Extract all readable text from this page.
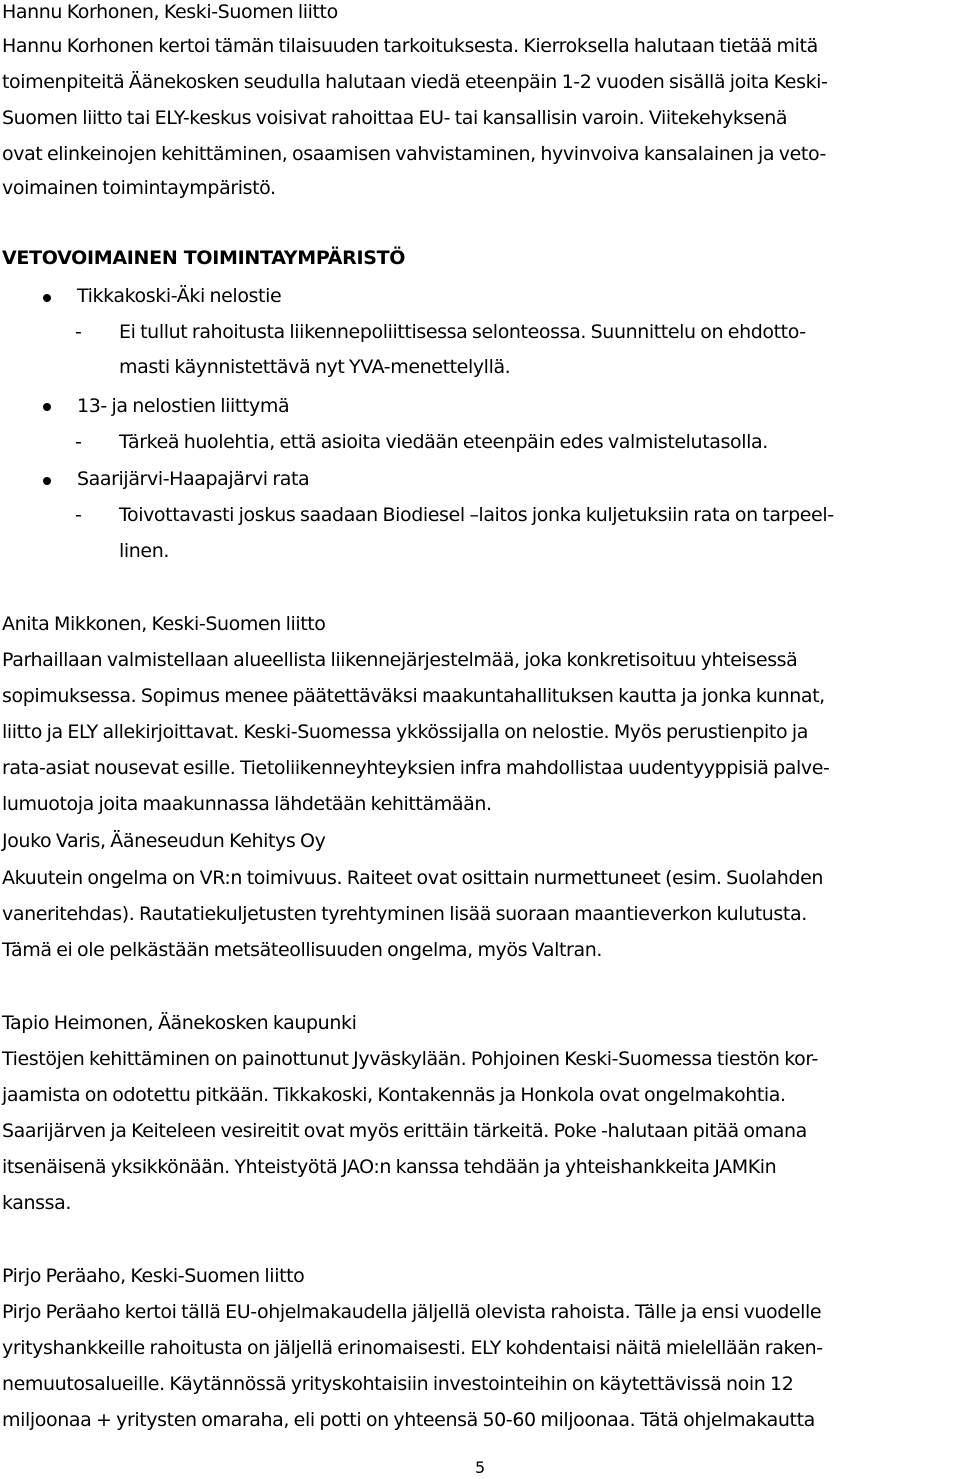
Hannu Korhonen, Keski-Suomen liitto
Hannu Korhonen kertoi tämän tilaisuuden tarkoituksesta. Kierroksella halutaan tietää mitä
toimenpiteitä Äänekosken seudulla halutaan viedä eteenpäin 1-2 vuoden sisällä joita Keski-
Suomen liitto tai ELY-keskus voisivat rahoittaa EU- tai kansallisin varoin. Viitekehyksenä
ovat elinkeinojen kehittäminen, osaamisen vahvistaminen, hyvinvoiva kansalainen ja veto-
voimainen toimintaympäristö.
VETOVOIMAINEN TOIMINTAYMPÄRISTÖ
Tikkakoski-Äki nelostie
- Ei tullut rahoitusta liikennepoliittisessa selonteossa. Suunnittelu on ehdotto-
masti käynnistettävä nyt YVA-menettelyllä.
13- ja nelostien liittymä
- Tärkeä huolehtia, että asioita viedään eteenpäin edes valmistelutasolla.
Saarijärvi-Haapajärvi rata
- Toivottavasti joskus saadaan Biodiesel –laitos jonka kuljetuksiin rata on tarpeel-
linen.
Anita Mikkonen, Keski-Suomen liitto
Parhaillaan valmistellaan alueellista liikennejärjestelmää, joka konkretisoituu yhteisessä
sopimuksessa. Sopimus menee päätettäväksi maakuntahallituksen kautta ja jonka kunnat,
liitto ja ELY allekirjoittavat. Keski-Suomessa ykkössijalla on nelostie. Myös perustienpito ja
rata-asiat nousevat esille. Tietoliikenneyhteyksien infra mahdollistaa uudentyyppisiä palve-
lumuotoja joita maakunnassa lähdetään kehittämään.
Jouko Varis, Ääneseudun Kehitys Oy
Akuutein ongelma on VR:n toimivuus. Raiteet ovat osittain nurmettuneet (esim. Suolahden
vaneritehdas). Rautatiekuljetusten tyrehtyminen lisää suoraan maantieverkon kulutusta.
Tämä ei ole pelkästään metsäteollisuuden ongelma, myös Valtran.
Tapio Heimonen, Äänekosken kaupunki
Tiestöjen kehittäminen on painottunut Jyväskylään. Pohjoinen Keski-Suomessa tiestön kor-
jaamista on odotettu pitkään. Tikkakoski, Kontakennäs ja Honkola ovat ongelmakohtia.
Saarijärven ja Keiteleen vesireitit ovat myös erittäin tärkeitä. Poke -halutaan pitää omana
itsenäisenä yksikkönään. Yhteistyötä JAO:n kanssa tehdään ja yhteishankkeita JAMKin
kanssa.
Pirjo Peräaho, Keski-Suomen liitto
Pirjo Peräaho kertoi tällä EU-ohjelmakaudella jäljellä olevista rahoista. Tälle ja ensi vuodelle
yrityshankkeille rahoitusta on jäljellä erinomaisesti. ELY kohdentaisi näitä mielellään raken-
nemuutosalueille. Käytännössä yrityskohtaisiin investointeihin on käytettävissä noin 12
miljoonaa + yritysten omaraha, eli potti on yhteensä 50-60 miljoonaa. Tätä ohjelmakautta
5
